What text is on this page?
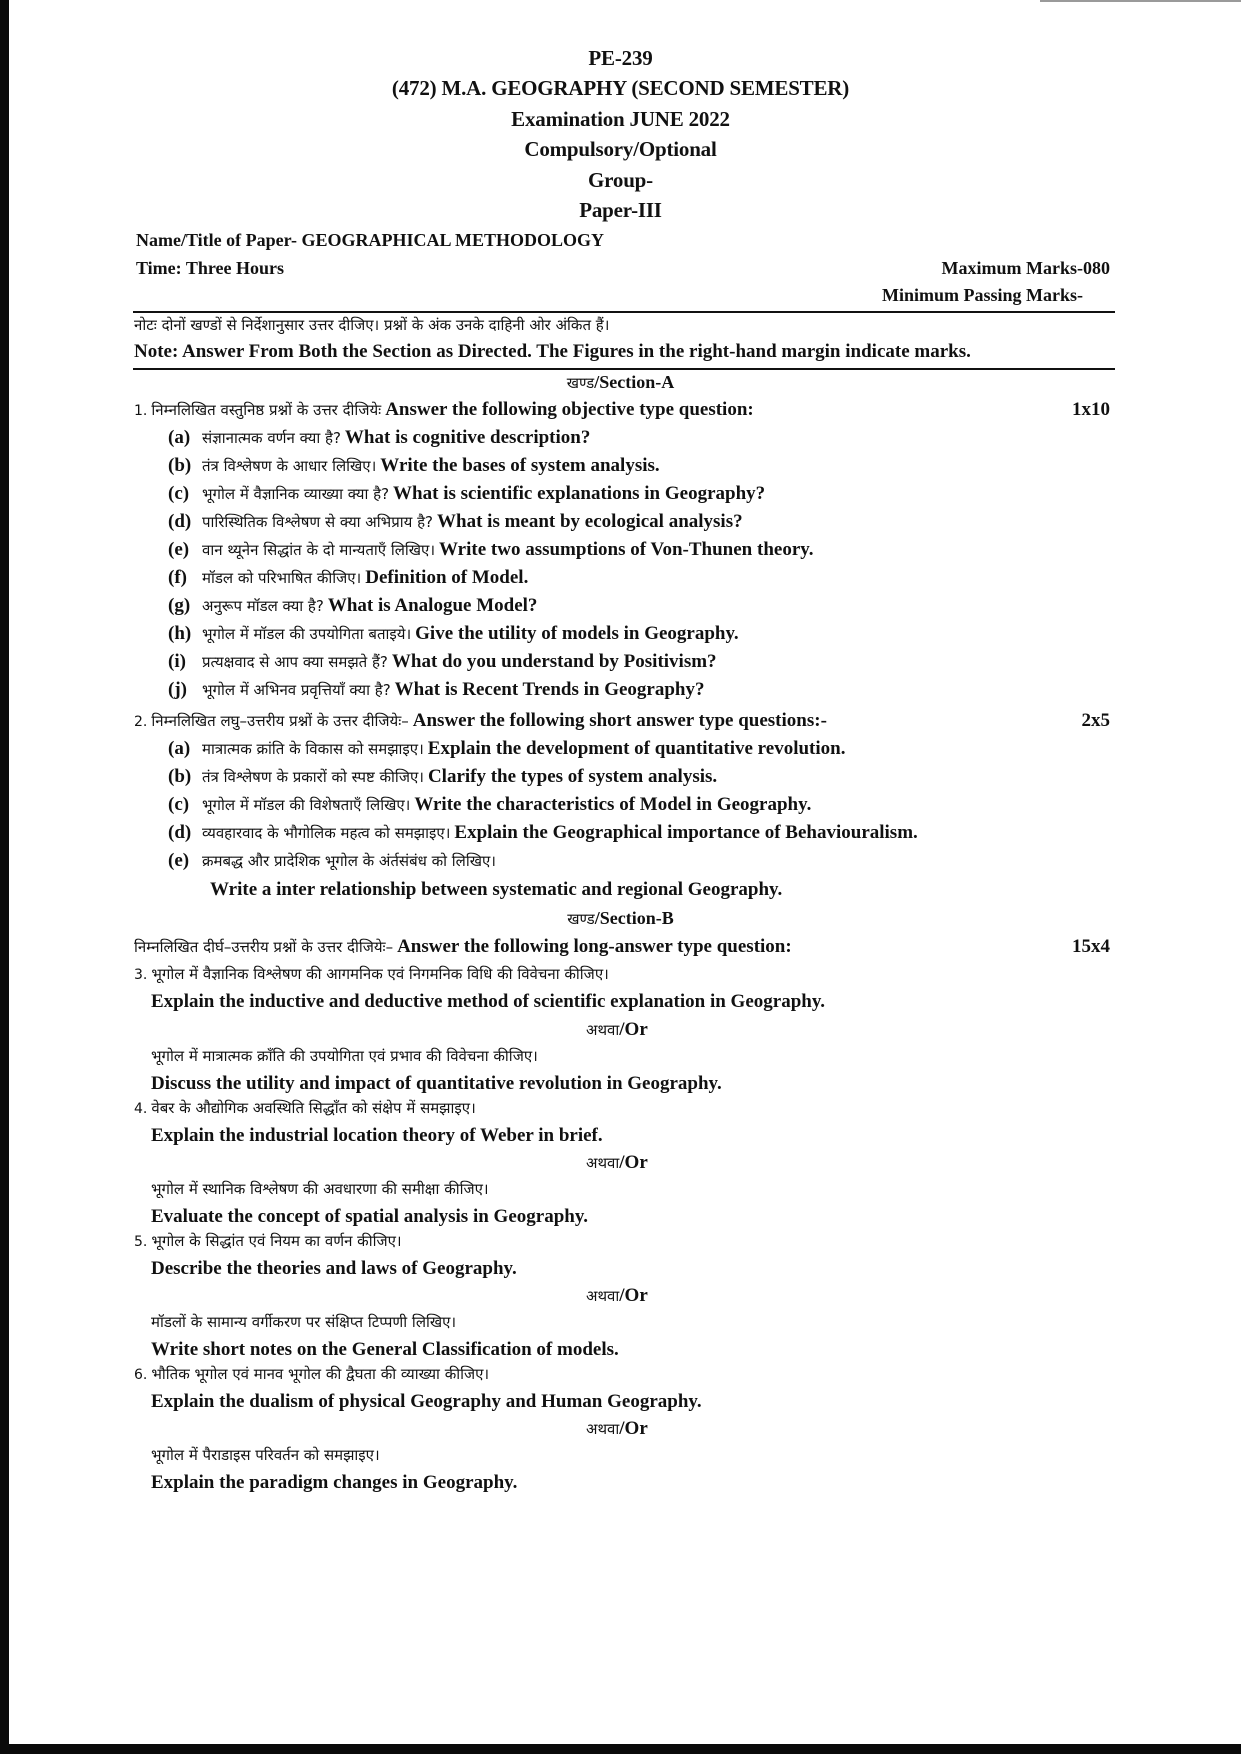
PE-239
(472) M.A. GEOGRAPHY (SECOND SEMESTER)
Examination JUNE 2022
Compulsory/Optional
Group-
Paper-III
Name/Title of Paper- GEOGRAPHICAL METHODOLOGY
Time: Three Hours	Maximum Marks-080
Minimum Passing Marks-
नोटः दोनों खण्डों से निर्देशानुसार उत्तर दीजिए। प्रश्नों के अंक उनके दाहिनी ओर अंकित हैं।
Note: Answer From Both the Section as Directed. The Figures in the right-hand margin indicate marks.
खण्ड/Section-A
1. निम्नलिखित वस्तुनिष्ठ प्रश्नों के उत्तर दीजियेः Answer the following objective type question:	1x10
(a) संज्ञानात्मक वर्णन क्या है? What is cognitive description?
(b) तंत्र विश्लेषण के आधार लिखिए। Write the bases of system analysis.
(c) भूगोल में वैज्ञानिक व्याख्या क्या है? What is scientific explanations in Geography?
(d) पारिस्थितिक विश्लेषण से क्या अभिप्राय है? What is meant by ecological analysis?
(e) वान थ्यूनेन सिद्धांत के दो मान्यताएँ लिखिए। Write two assumptions of Von-Thunen theory.
(f) मॉडल को परिभाषित कीजिए। Definition of Model.
(g) अनुरूप मॉडल क्या है? What is Analogue Model?
(h) भूगोल में मॉडल की उपयोगिता बताइये। Give the utility of models in Geography.
(i) प्रत्यक्षवाद से आप क्या समझते हैं? What do you understand by Positivism?
(j) भूगोल में अभिनव प्रवृत्तियाँ क्या है? What is Recent Trends in Geography?
2. निम्नलिखित लघु–उत्तरीय प्रश्नों के उत्तर दीजियेः– Answer the following short answer type questions:-	2x5
(a) मात्रात्मक क्रांति के विकास को समझाइए। Explain the development of quantitative revolution.
(b) तंत्र विश्लेषण के प्रकारों को स्पष्ट कीजिए। Clarify the types of system analysis.
(c) भूगोल में मॉडल की विशेषताएँ लिखिए। Write the characteristics of Model in Geography.
(d) व्यवहारवाद के भौगोलिक महत्व को समझाइए। Explain the Geographical importance of Behaviouralism.
(e) क्रमबद्ध और प्रादेशिक भूगोल के अंर्तसंबंध को लिखिए।
Write a inter relationship between systematic and regional Geography.
खण्ड/Section-B
निम्नलिखित दीर्घ–उत्तरीय प्रश्नों के उत्तर दीजियेः– Answer the following long-answer type question:	15x4
3. भूगोल में वैज्ञानिक विश्लेषण की आगमनिक एवं निगमनिक विधि की विवेचना कीजिए।
Explain the inductive and deductive method of scientific explanation in Geography.
अथवा/Or
भूगोल में मात्रात्मक क्रॉंति की उपयोगिता एवं प्रभाव की विवेचना कीजिए।
Discuss the utility and impact of quantitative revolution in Geography.
4. वेबर के औद्योगिक अवस्थिति सिद्धाँत को संक्षेप में समझाइए।
Explain the industrial location theory of Weber in brief.
अथवा/Or
भूगोल में स्थानिक विश्लेषण की अवधारणा की समीक्षा कीजिए।
Evaluate the concept of spatial analysis in Geography.
5. भूगोल के सिद्धांत एवं नियम का वर्णन कीजिए।
Describe the theories and laws of Geography.
अथवा/Or
मॉडलों के सामान्य वर्गीकरण पर संक्षिप्त टिप्पणी लिखिए।
Write short notes on the General Classification of models.
6. भौतिक भूगोल एवं मानव भूगोल की द्वैघता की व्याख्या कीजिए।
Explain the dualism of physical Geography and Human Geography.
अथवा/Or
भूगोल में पैराडाइस परिवर्तन को समझाइए।
Explain the paradigm changes in Geography.
